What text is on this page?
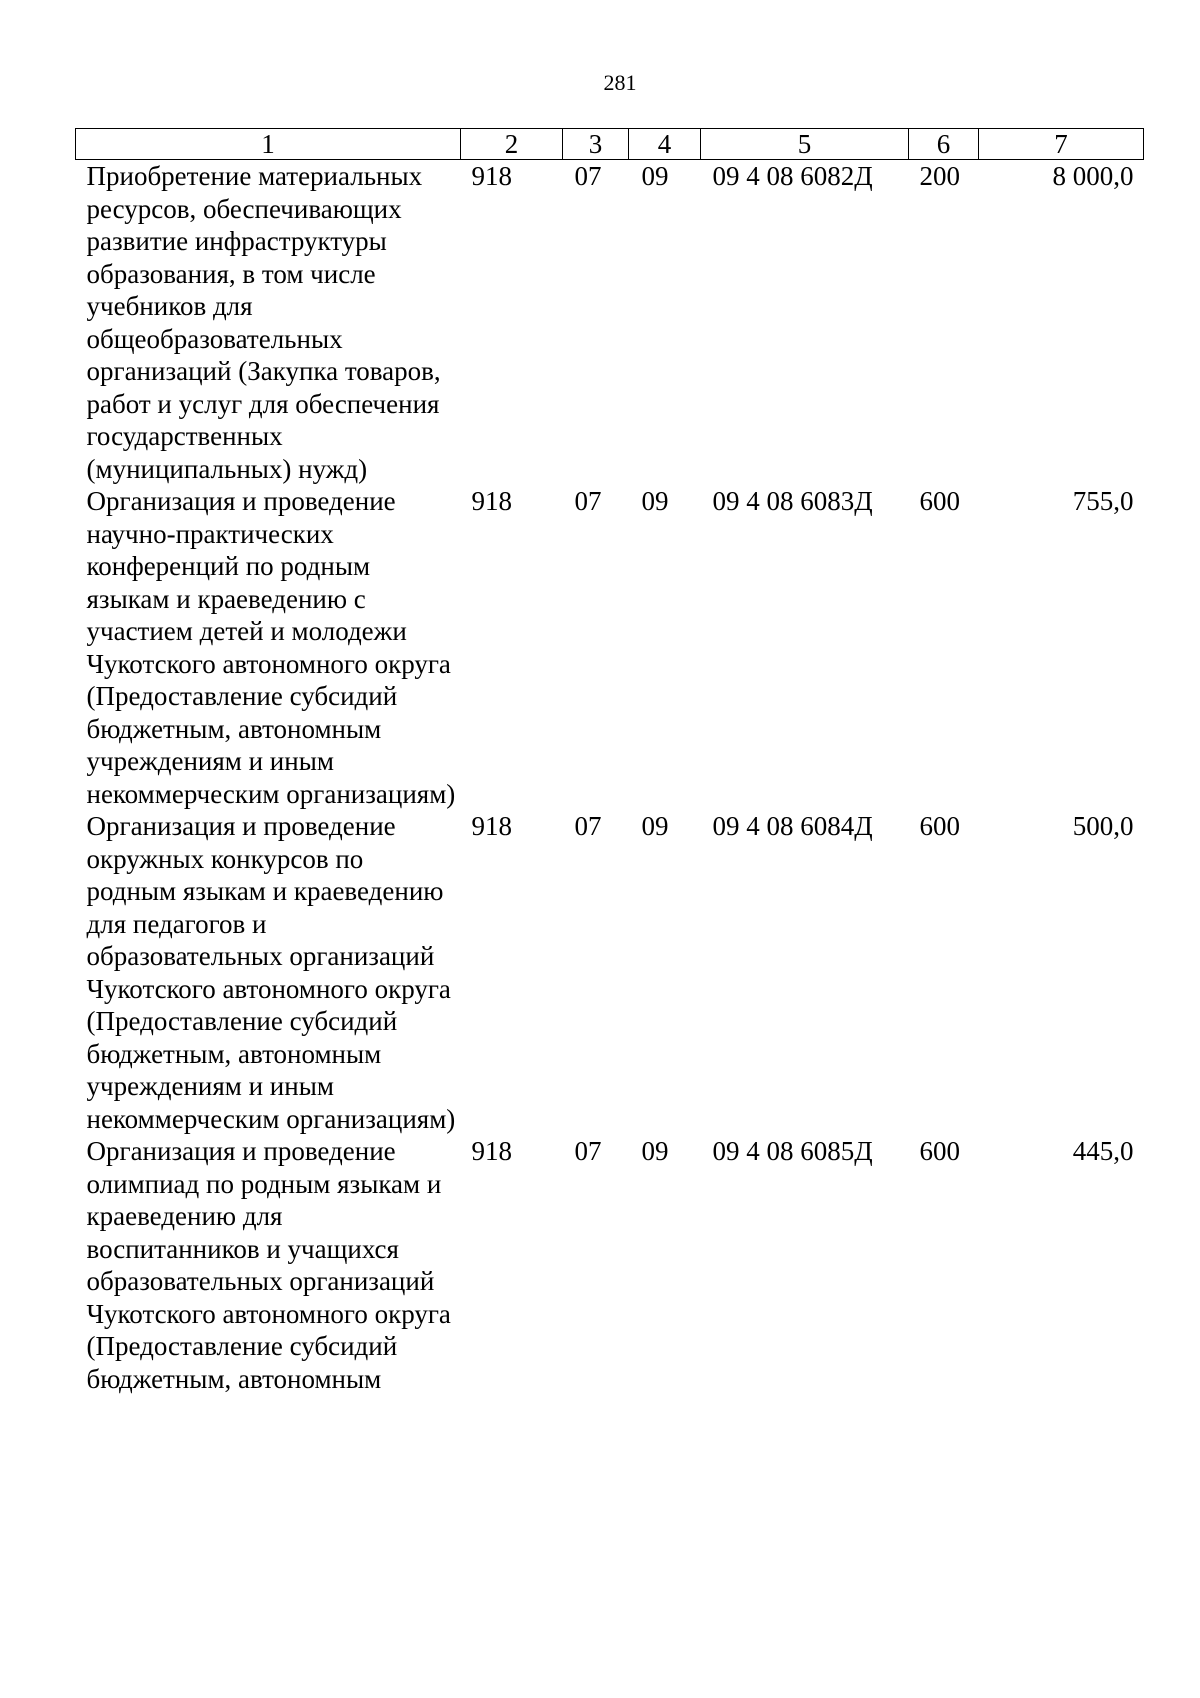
281
1	2	3	4	5	6	7
Приобретение материальных ресурсов, обеспечивающих развитие инфраструктуры образования, в том числе учебников для общеобразовательных организаций (Закупка товаров, работ и услуг для обеспечения государственных (муниципальных) нужд)	918	07	09	09 4 08 6082Д	200	8 000,0
Организация и проведение научно-практических конференций по родным языкам и краеведению с участием детей и молодежи Чукотского автономного округа (Предоставление субсидий бюджетным, автономным учреждениям и иным некоммерческим организациям)	918	07	09	09 4 08 6083Д	600	755,0
Организация и проведение окружных конкурсов по родным языкам и краеведению для педагогов и образовательных организаций Чукотского автономного округа (Предоставление субсидий бюджетным, автономным учреждениям и иным некоммерческим организациям)	918	07	09	09 4 08 6084Д	600	500,0
Организация и проведение олимпиад по родным языкам и краеведению для воспитанников и учащихся образовательных организаций Чукотского автономного округа (Предоставление субсидий бюджетным, автономным	918	07	09	09 4 08 6085Д	600	445,0
